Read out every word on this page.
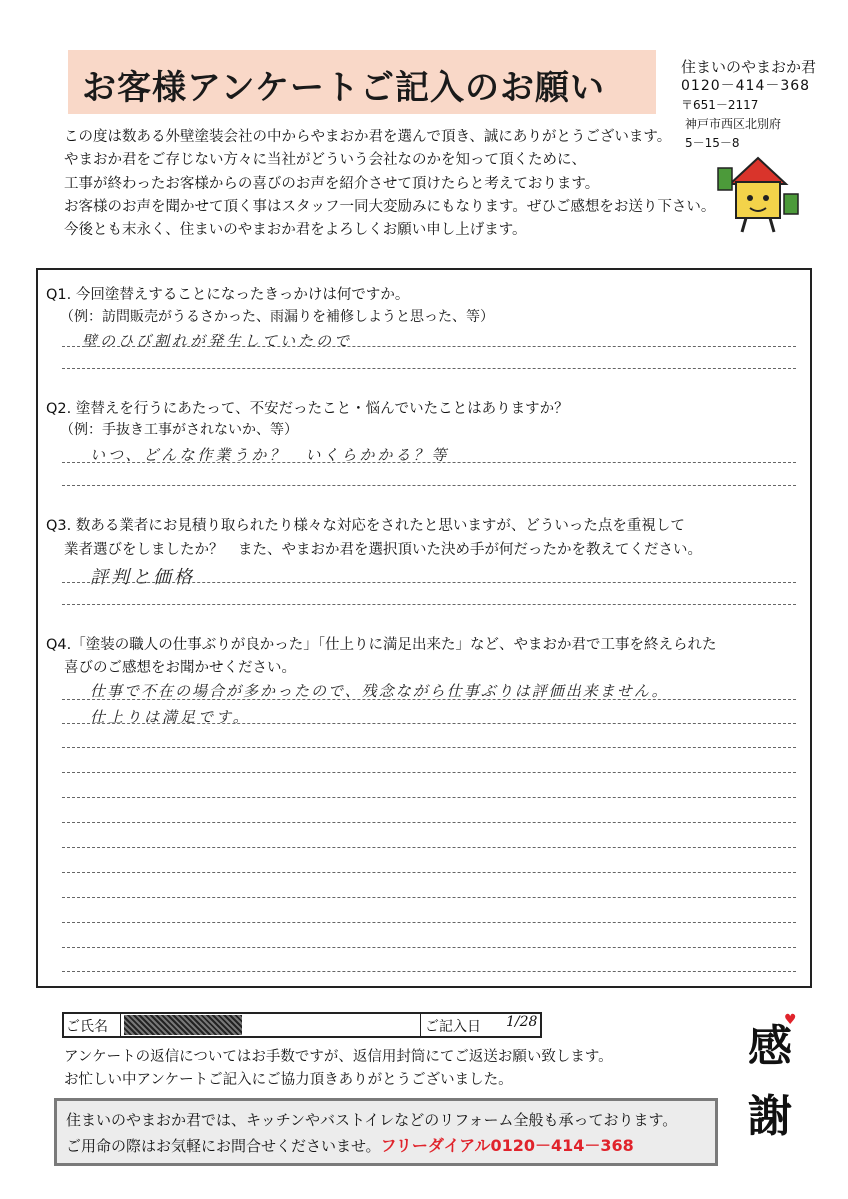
お客様アンケートご記入のお願い
住まいのやまおか君
0120－414－368
〒651－2117
神戸市西区北別府
5－15－8
この度は数ある外壁塗装会社の中からやまおか君を選んで頂き、誠にありがとうございます。
やまおか君をご存じない方々に当社がどういう会社なのかを知って頂くために、
工事が終わったお客様からの喜びのお声を紹介させて頂けたらと考えております。
お客様のお声を聞かせて頂く事はスタッフ一同大変励みにもなります。ぜひご感想をお送り下さい。
今後とも末永く、住まいのやまおか君をよろしくお願い申し上げます。
Q1. 今回塗替えすることになったきっかけは何ですか。
（例：訪問販売がうるさかった、雨漏りを補修しようと思った、等）
壁のひび割れが発生していたので
Q2. 塗替えを行うにあたって、不安だったこと・悩んでいたことはありますか？
（例：手抜き工事がされないか、等）
いつ、どんな作業うか？　いくらかかる？等
Q3. 数ある業者にお見積り取られたり様々な対応をされたと思いますが、どういった点を重視して
業者選びをしましたか？　また、やまおか君を選択頂いた決め手が何だったかを教えてください。
評判と価格
Q4.「塗装の職人の仕事ぶりが良かった」「仕上りに満足出来た」など、やまおか君で工事を終えられた
喜びのご感想をお聞かせください。
仕事で不在の場合が多かったので、残念ながら仕事ぶりは評価出来ません。
仕上りは満足です。
ご氏名	ご記入日 1/28
アンケートの返信についてはお手数ですが、返信用封筒にてご返送お願い致します。
お忙しい中アンケートご記入にご協力頂きありがとうございました。
住まいのやまおか君では、キッチンやバストイレなどのリフォーム全般も承っております。
ご用命の際はお気軽にお問合せくださいませ。フリーダイアル0120－414－368
感
謝
♥
